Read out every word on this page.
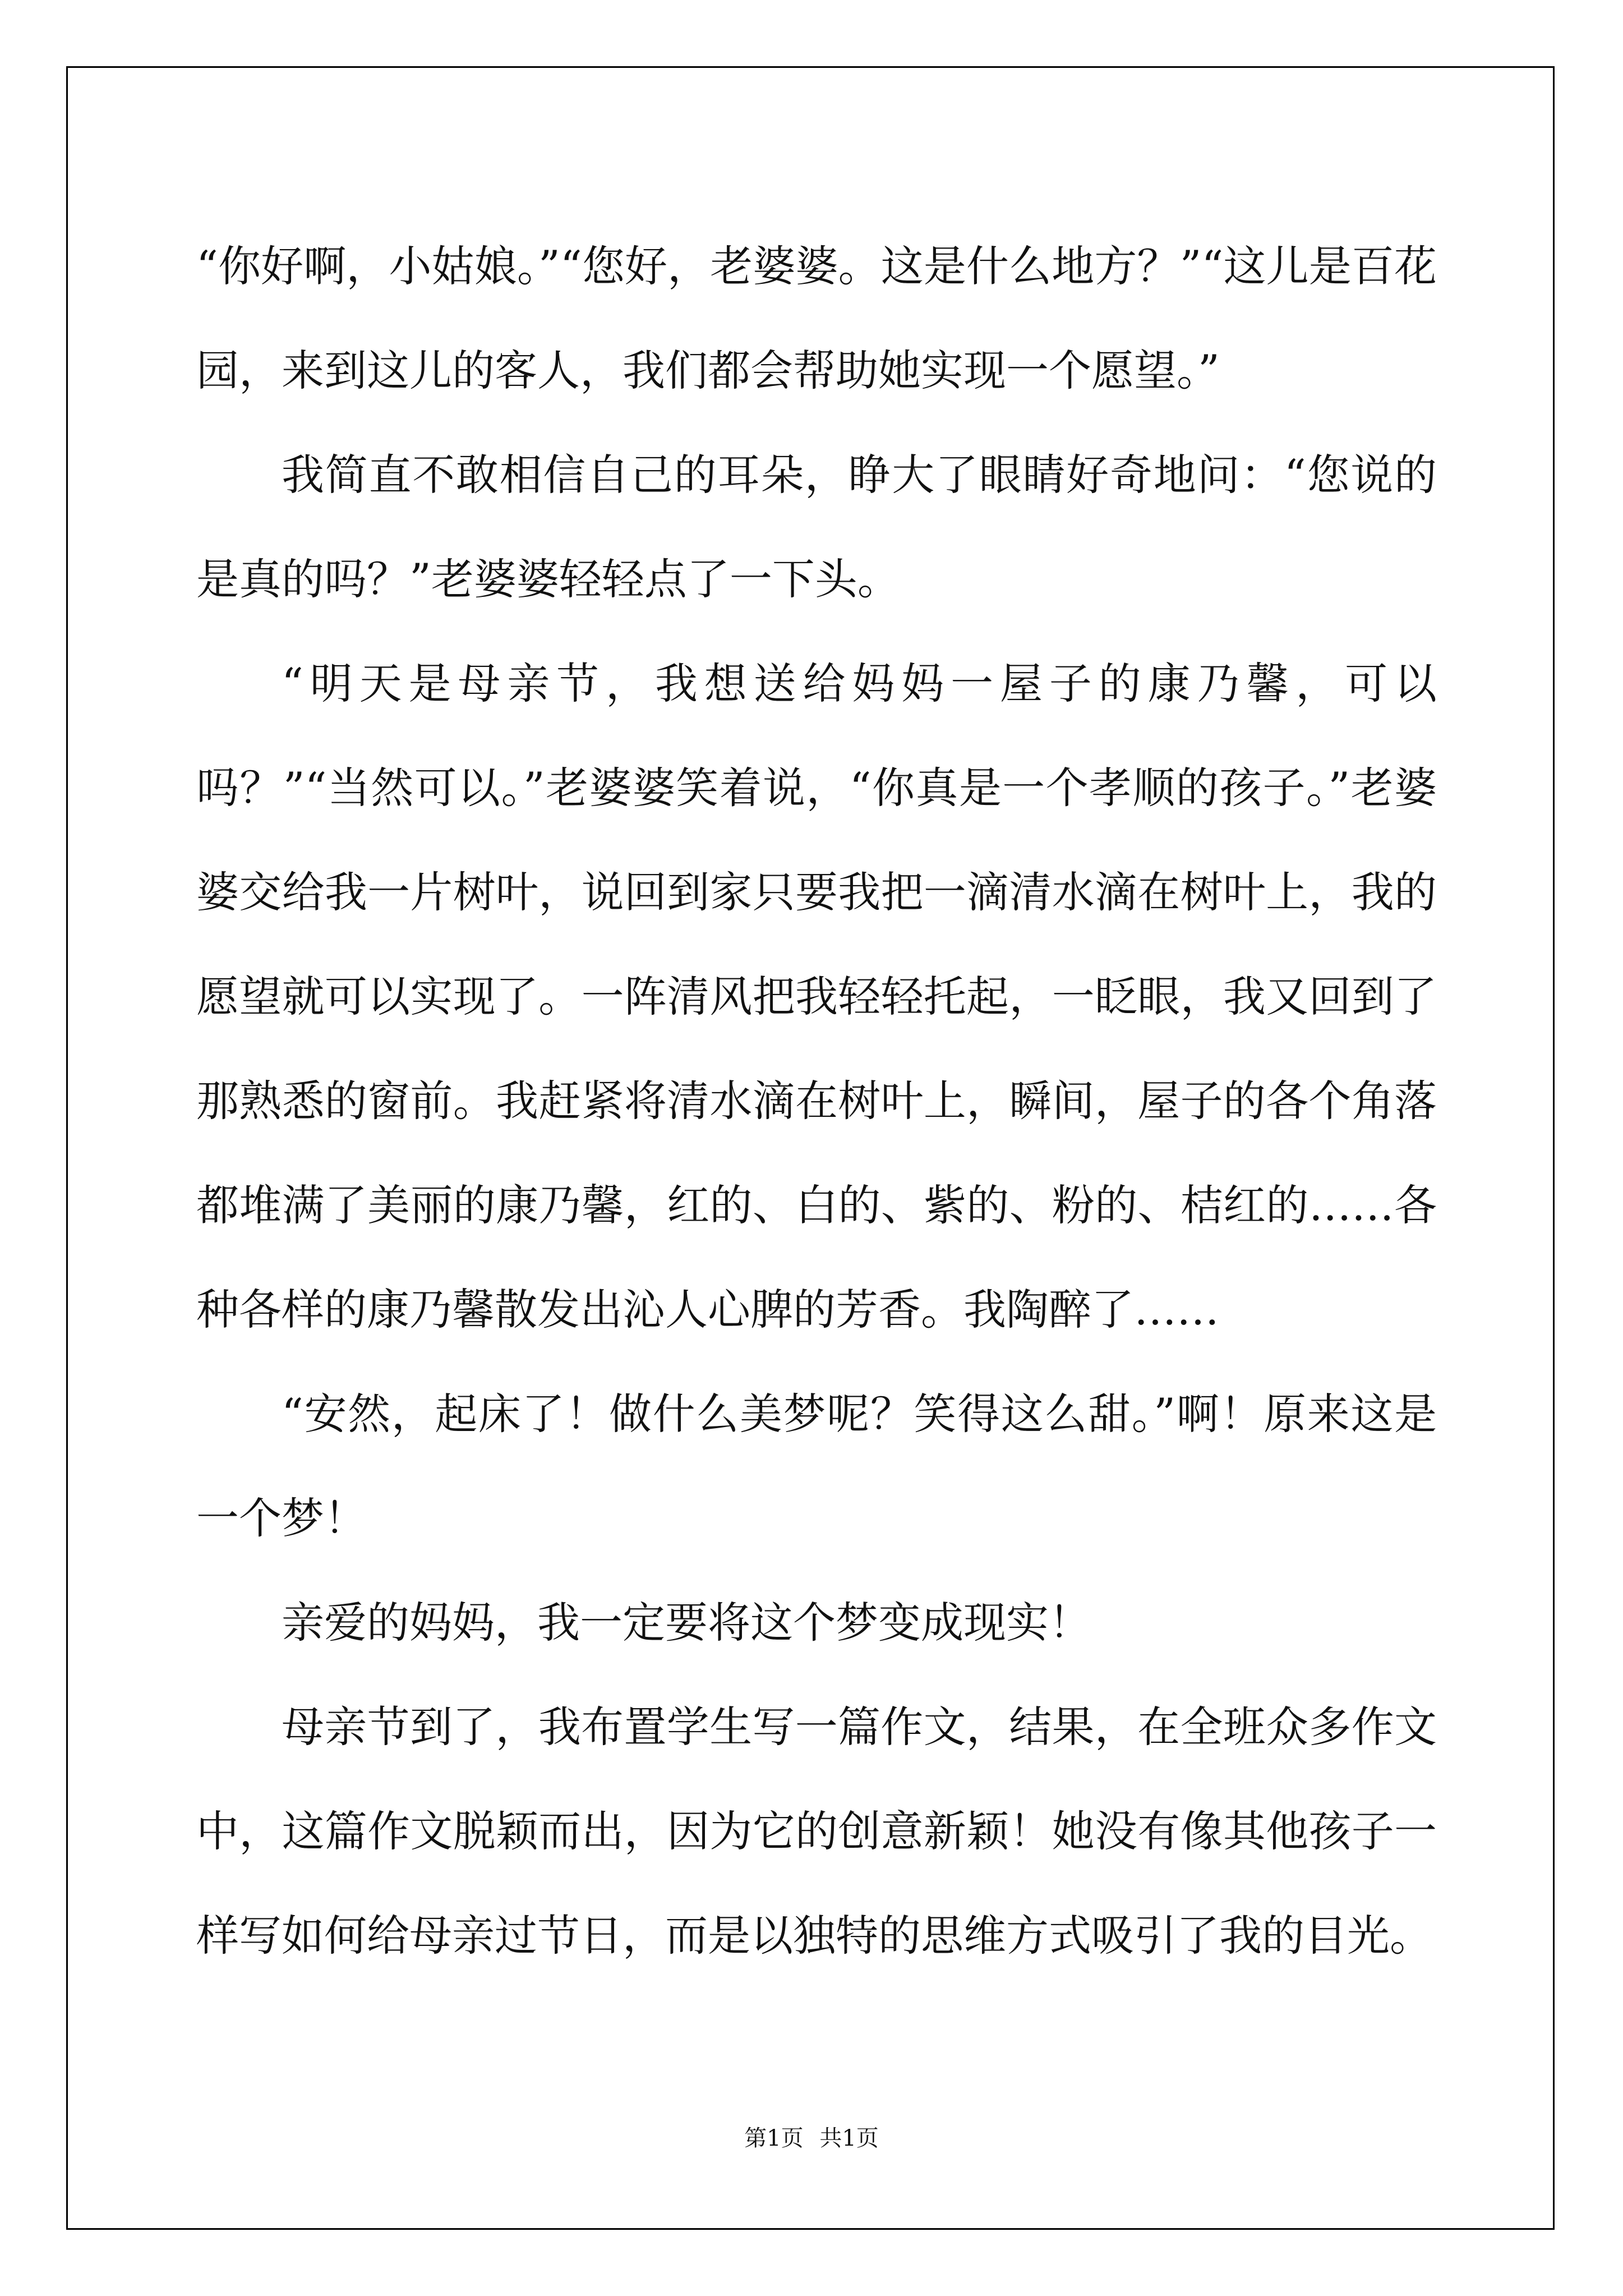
“你好啊，小姑娘。”“您好，老婆婆。这是什么地方？”“这儿是百花园，来到这儿的客人，我们都会帮助她实现一个愿望。”

我简直不敢相信自己的耳朵，睁大了眼睛好奇地问：“您说的是真的吗？”老婆婆轻轻点了一下头。

“明天是母亲节，我想送给妈妈一屋子的康乃馨，可以吗？”“当然可以。”老婆婆笑着说，“你真是一个孝顺的孩子。”老婆婆交给我一片树叶，说回到家只要我把一滴清水滴在树叶上，我的愿望就可以实现了。一阵清风把我轻轻托起，一眨眼，我又回到了那熟悉的窗前。我赶紧将清水滴在树叶上，瞬间，屋子的各个角落都堆满了美丽的康乃馨，红的、白的、紫的、粉的、桔红的……各种各样的康乃馨散发出沁人心脾的芳香。我陶醉了……

“安然，起床了！做什么美梦呢？笑得这么甜。”啊！原来这是一个梦！

亲爱的妈妈，我一定要将这个梦变成现实！

母亲节到了，我布置学生写一篇作文，结果，在全班众多作文中，这篇作文脱颖而出，因为它的创意新颖！她没有像其他孩子一样写如何给母亲过节日，而是以独特的思维方式吸引了我的目光。

第1页 共1页
